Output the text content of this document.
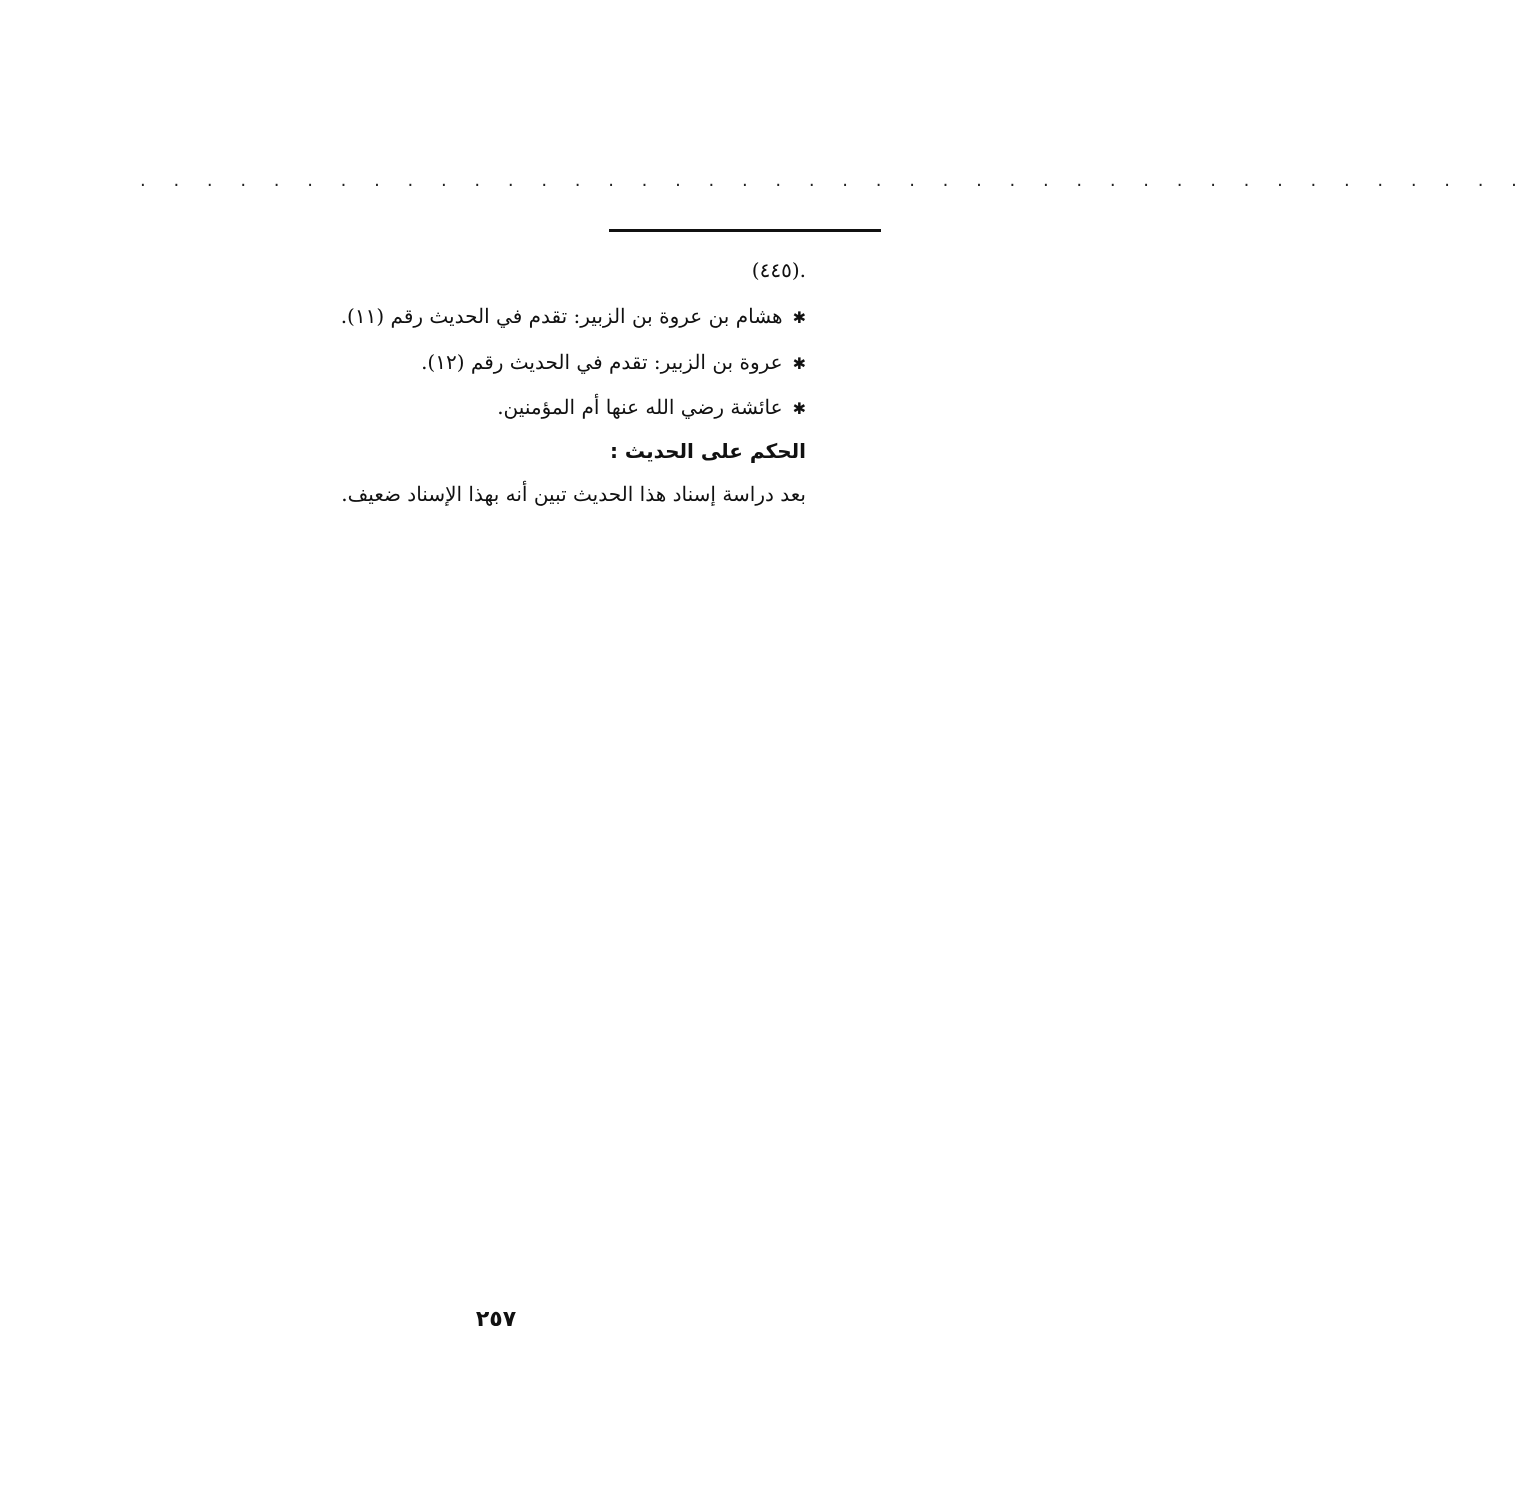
· · · · · · · · · · · · · · · · · · · · · · · · · · · · · · · · · · · · · · · · · ·
.(٤٤٥)
✱هشام بن عروة بن الزبير: تقدم في الحديث رقم (١١).
✱عروة بن الزبير: تقدم في الحديث رقم (١٢).
✱عائشة رضي الله عنها أم المؤمنين.
الحكم على الحديث :
بعد دراسة إسناد هذا الحديث تبين أنه بهذا الإسناد ضعيف.
٢٥٧
